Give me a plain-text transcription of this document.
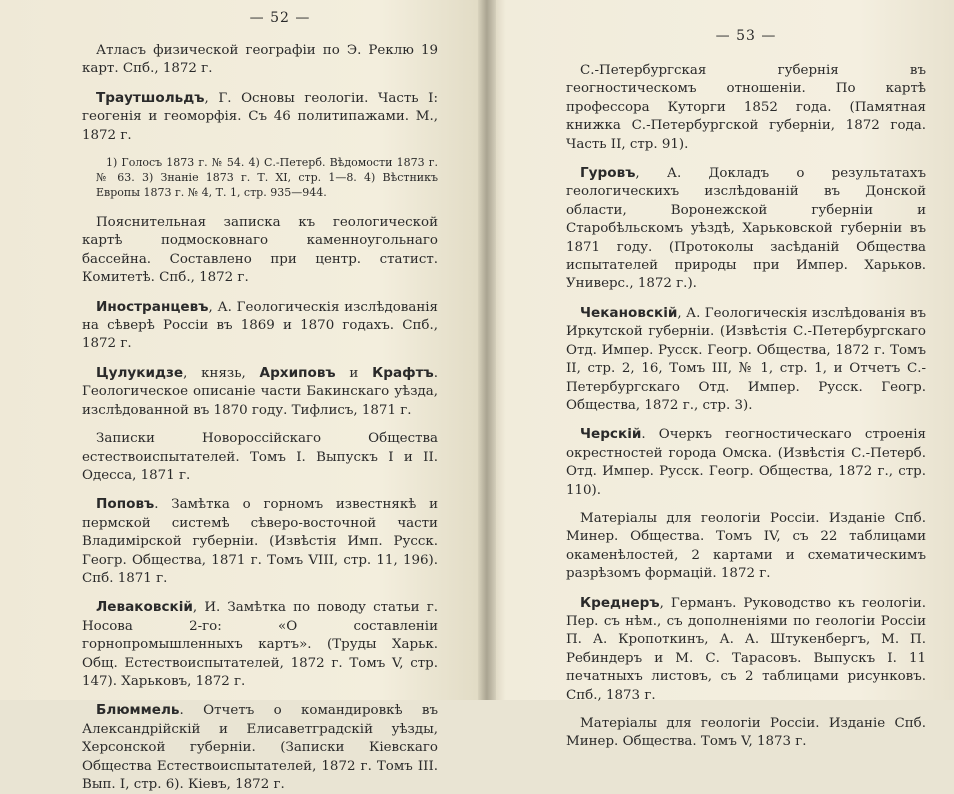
— 52 —

Атласъ физической географіи по Э. Реклю 19 карт. Спб., 1872 г.

Траутшольдъ, Г. Основы геологіи. Часть I: геогенія и геоморфія. Съ 46 политипажами. М., 1872 г.

1) Голосъ 1873 г. № 54. 4) С.-Петерб. Вѣдомости 1873 г. № 63. 3) Знаніе 1873 г. Т. XI, стр. 1—8. 4) Вѣстникъ Европы 1873 г. № 4, Т. 1, стр. 935—944.

Пояснительная записка къ геологической картѣ подмосковнаго каменноугольнаго бассейна. Составлено при центр. статист. Комитетѣ. Спб., 1872 г.

Иностранцевъ, А. Геологическія изслѣдованія на сѣверѣ Россіи въ 1869 и 1870 годахъ. Спб., 1872 г.

Цулукидзе, князь, Архиповъ и Крафтъ. Геологическое описаніе части Бакинскаго уѣзда, изслѣдованной въ 1870 году. Тифлисъ, 1871 г.

Записки Новороссійскаго Общества естествоиспытателей. Томъ I. Выпускъ I и II. Одесса, 1871 г.

Поповъ. Замѣтка о горномъ известнякѣ и пермской системѣ сѣверо-восточной части Владимірской губерніи. (Извѣстія Имп. Русск. Геогр. Общества, 1871 г. Томъ VIII, стр. 11, 196). Спб. 1871 г.

Леваковскій, И. Замѣтка по поводу статьи г. Носова 2-го: «О составленіи горнопромышленныхъ картъ». (Труды Харьк. Общ. Естествоиспытателей, 1872 г. Томъ V, стр. 147). Харьковъ, 1872 г.

Блюммель. Отчетъ о командировкѣ въ Александрійскій и Елисаветградскій уѣзды, Херсонской губерніи. (Записки Кіевскаго Общества Естествоиспытателей, 1872 г. Томъ III. Вып. I, стр. 6). Кіевъ, 1872 г.

— 53 —

С.-Петербургская губернія въ геогностическомъ отношеніи. По картѣ профессора Куторги 1852 года. (Памятная книжка С.-Петербургской губерніи, 1872 года. Часть II, стр. 91).

Гуровъ, А. Докладъ о результатахъ геологическихъ изслѣдованій въ Донской области, Воронежской губерніи и Старобѣльскомъ уѣздѣ, Харьковской губерніи въ 1871 году. (Протоколы засѣданій Общества испытателей природы при Импер. Харьков. Универс., 1872 г.).

Чекановскій, А. Геологическія изслѣдованія въ Иркутской губерніи. (Извѣстія С.-Петербургскаго Отд. Импер. Русск. Геогр. Общества, 1872 г. Томъ II, стр. 2, 16, Томъ III, № 1, стр. 1, и Отчетъ С.-Петербургскаго Отд. Импер. Русск. Геогр. Общества, 1872 г., стр. 3).

Черскій. Очеркъ геогностическаго строенія окрестностей города Омска. (Извѣстія С.-Петерб. Отд. Импер. Русск. Геогр. Общества, 1872 г., стр. 110).

Матеріалы для геологіи Россіи. Изданіе Спб. Минер. Общества. Томъ IV, съ 22 таблицами окаменѣлостей, 2 картами и схематическимъ разрѣзомъ формацій. 1872 г.

Креднеръ, Германъ. Руководство къ геологіи. Пер. съ нѣм., съ дополненіями по геологіи Россіи П. А. Кропоткинъ, А. А. Штукенбергъ, М. П. Ребиндеръ и М. С. Тарасовъ. Выпускъ I. 11 печатныхъ листовъ, съ 2 таблицами рисунковъ. Спб., 1873 г.

Матеріалы для геологіи Россіи. Изданіе Спб. Минер. Общества. Томъ V, 1873 г.
